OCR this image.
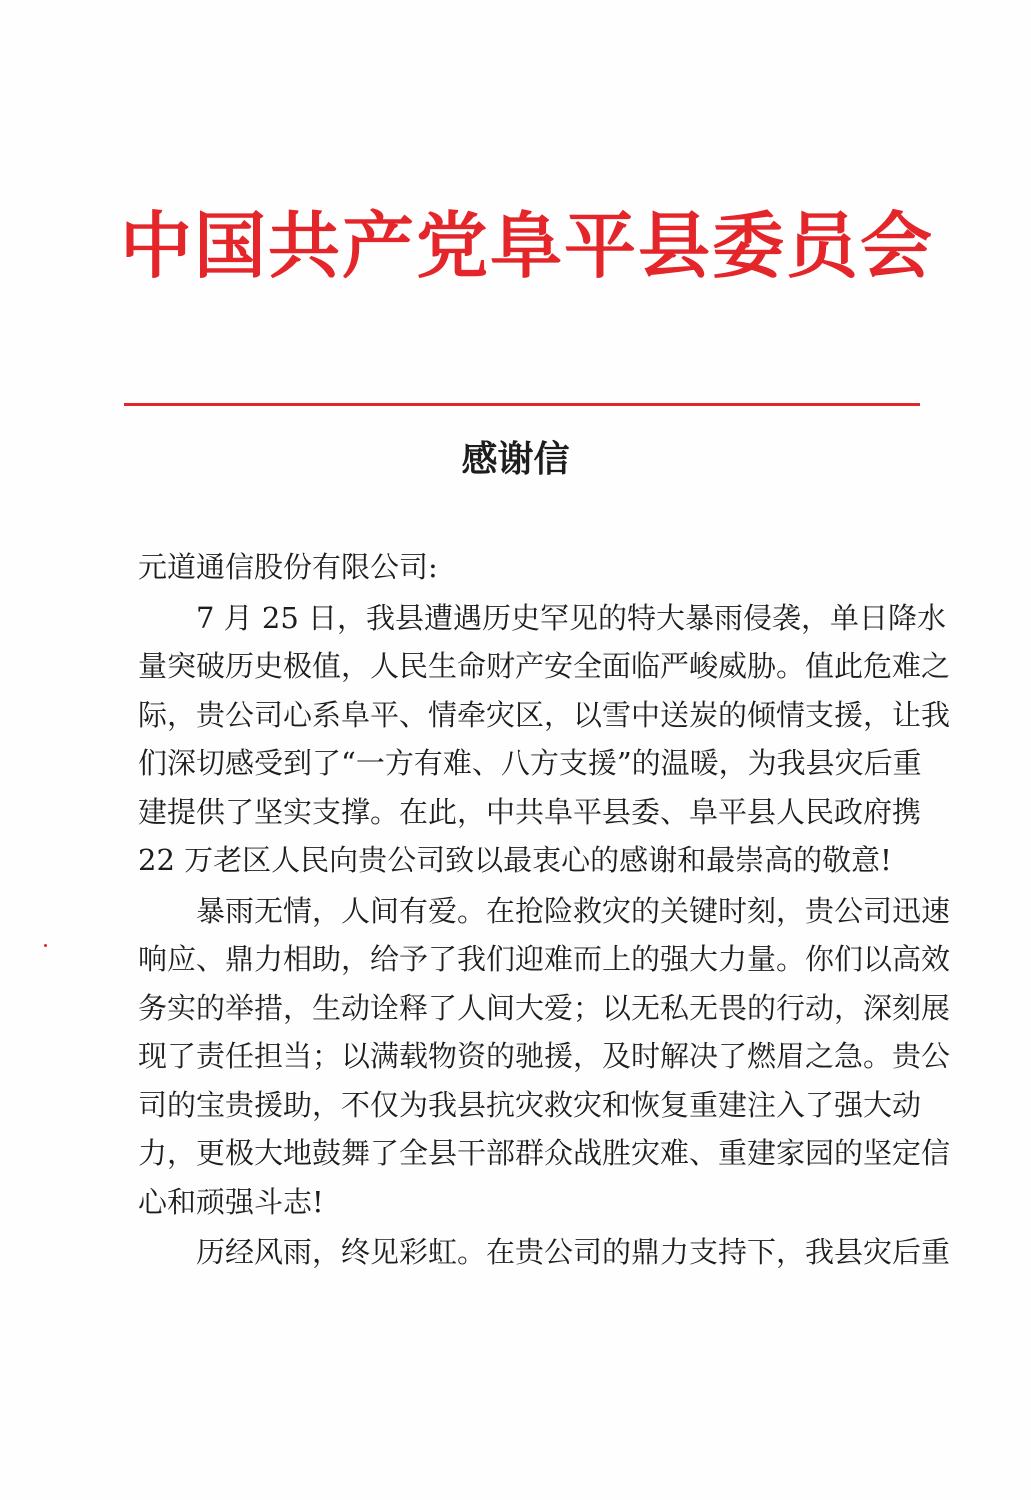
中国共产党阜平县委员会
感谢信
元道通信股份有限公司:
7 月 25 日，我县遭遇历史罕见的特大暴雨侵袭，单日降水
量突破历史极值，人民生命财产安全面临严峻威胁。值此危难之
际，贵公司心系阜平、情牵灾区，以雪中送炭的倾情支援，让我
们深切感受到了“一方有难、八方支援”的温暖，为我县灾后重
建提供了坚实支撑。在此，中共阜平县委、阜平县人民政府携
22 万老区人民向贵公司致以最衷心的感谢和最崇高的敬意!
暴雨无情，人间有爱。在抢险救灾的关键时刻，贵公司迅速
响应、鼎力相助，给予了我们迎难而上的强大力量。你们以高效
务实的举措，生动诠释了人间大爱；以无私无畏的行动，深刻展
现了责任担当；以满载物资的驰援，及时解决了燃眉之急。贵公
司的宝贵援助，不仅为我县抗灾救灾和恢复重建注入了强大动
力，更极大地鼓舞了全县干部群众战胜灾难、重建家园的坚定信
心和顽强斗志!
历经风雨，终见彩虹。在贵公司的鼎力支持下，我县灾后重
